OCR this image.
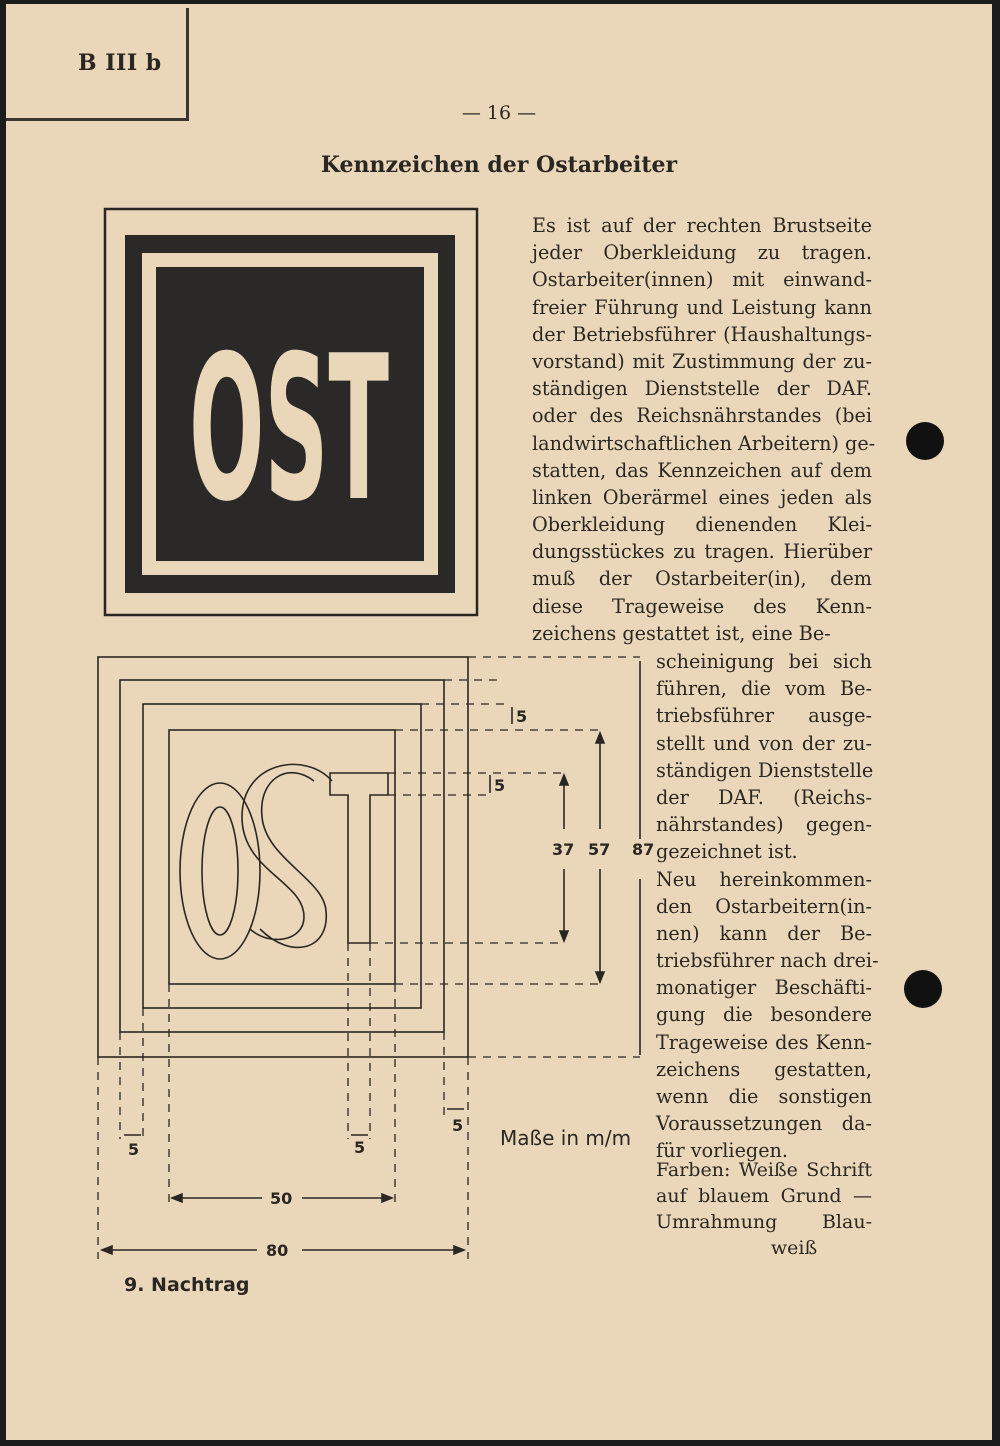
B III b
— 16 —
Kennzeichen der Ostarbeiter
OST
5
5
37 57 87
5	5
5
50
80
Maße in m/m
Es ist auf der rechten Brustseite
jeder Oberkleidung zu tragen.
Ostarbeiter(innen) mit einwand-
freier Führung und Leistung kann
der Betriebsführer (Haushaltungs-
vorstand) mit Zustimmung der zu-
ständigen Dienststelle der DAF.
oder des Reichsnährstandes (bei
landwirtschaftlichen Arbeitern) ge-
statten, das Kennzeichen auf dem
linken Oberärmel eines jeden als
Oberkleidung dienenden Klei-
dungsstückes zu tragen. Hierüber
muß der Ostarbeiter(in), dem
diese Trageweise des Kenn-
zeichens gestattet ist, eine Be-
scheinigung bei sich
führen, die vom Be-
triebsführer ausge-
stellt und von der zu-
ständigen Dienststelle
der DAF. (Reichs-
nährstandes) gegen-
gezeichnet ist.
Neu hereinkommen-
den Ostarbeitern(in-
nen) kann der Be-
triebsführer nach drei-
monatiger Beschäfti-
gung die besondere
Trageweise des Kenn-
zeichens gestatten,
wenn die sonstigen
Voraussetzungen da-
für vorliegen.
Farben: Weiße Schrift
auf blauem Grund —
Umrahmung Blau-
weiß
9. Nachtrag
